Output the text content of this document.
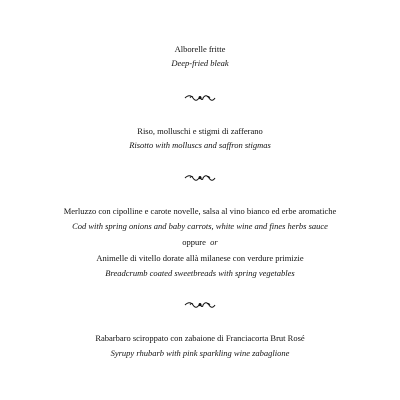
Alborelle fritte
Deep-fried bleak
Riso, molluschi e stigmi di zafferano
Risotto with molluscs and saffron stigmas
Merluzzo con cipolline e carote novelle, salsa al vino bianco ed erbe aromatiche
Cod with spring onions and baby carrots, white wine and fines herbs sauce
oppure or
Animelle di vitello dorate allà milanese con verdure primizie
Breadcrumb coated sweetbreads with spring vegetables
Rabarbaro sciroppato con zabaione di Franciacorta Brut Rosé
Syrupy rhubarb with pink sparkling wine zabaglione
